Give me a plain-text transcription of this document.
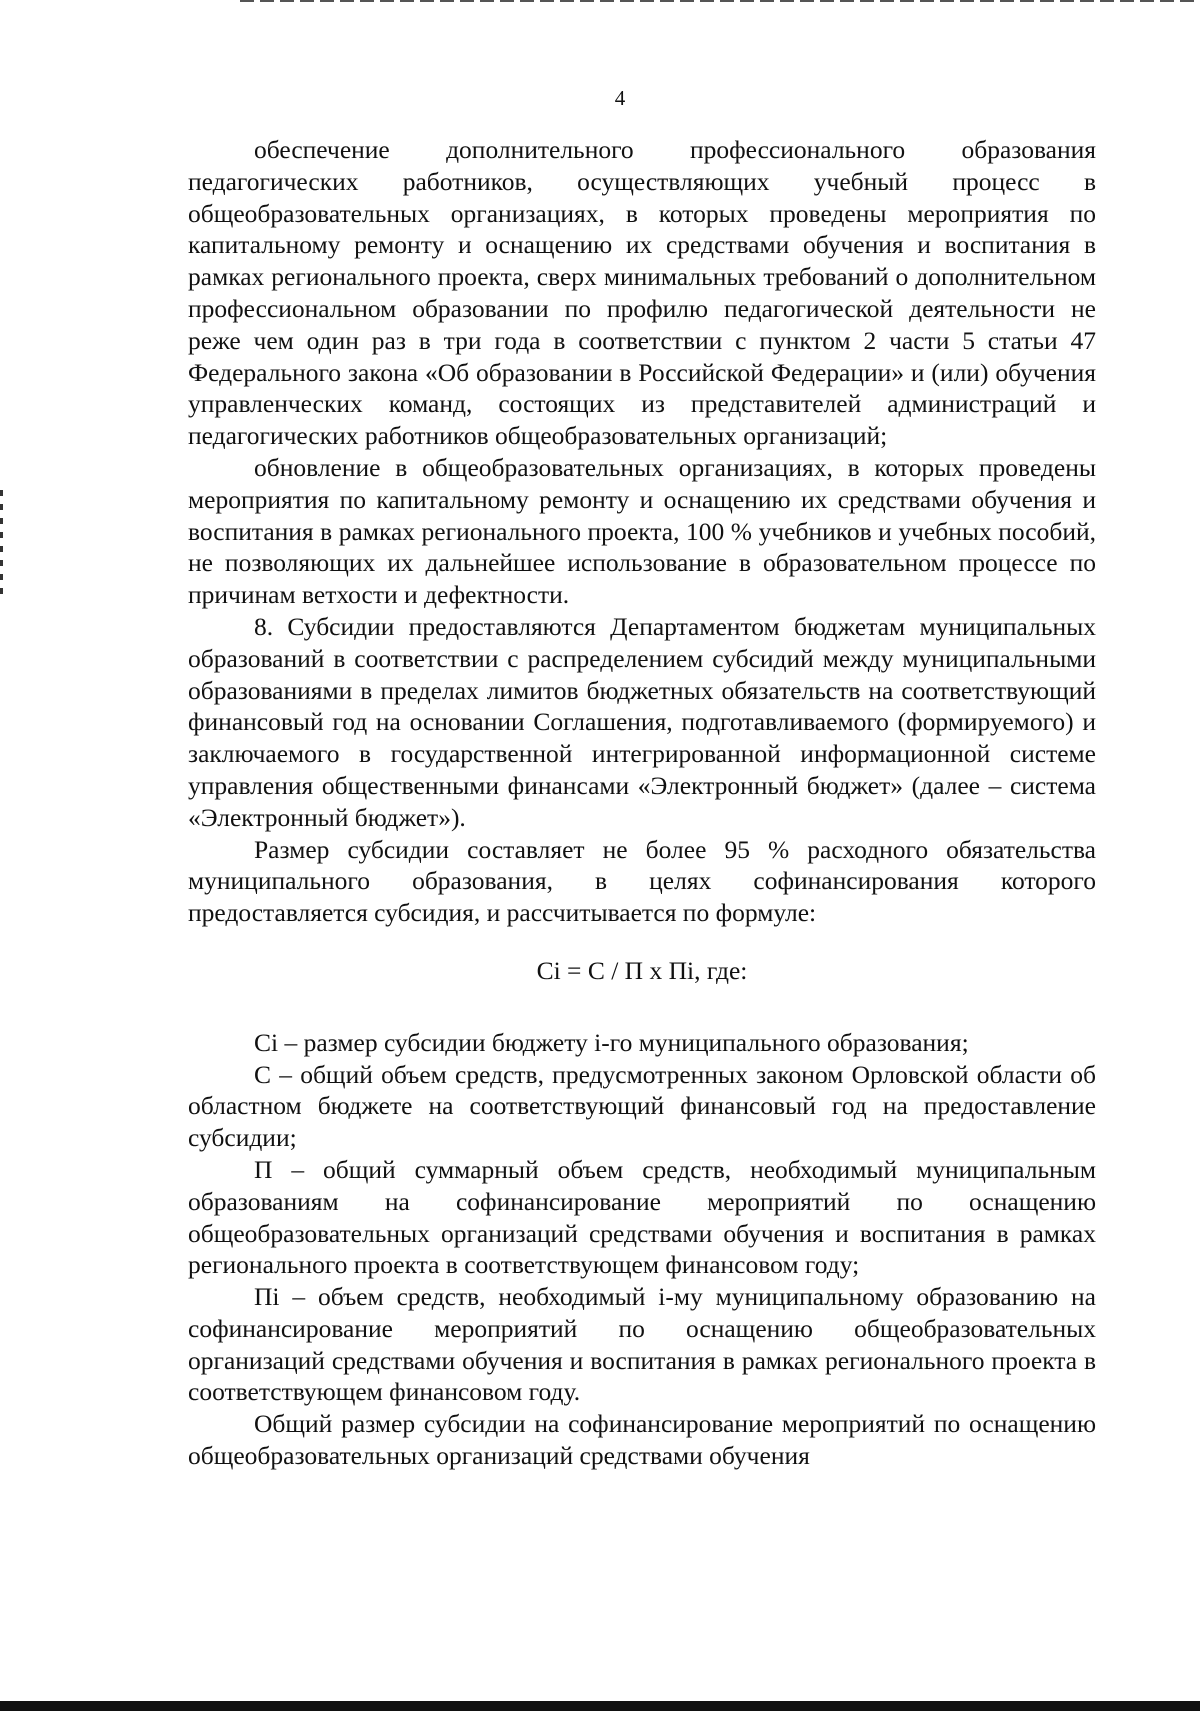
4

обеспечение дополнительного профессионального образования педагогических работников, осуществляющих учебный процесс в общеобразовательных организациях, в которых проведены мероприятия по капитальному ремонту и оснащению их средствами обучения и воспитания в рамках регионального проекта, сверх минимальных требований о дополнительном профессиональном образовании по профилю педагогической деятельности не реже чем один раз в три года в соответствии с пунктом 2 части 5 статьи 47 Федерального закона «Об образовании в Российской Федерации» и (или) обучения управленческих команд, состоящих из представителей администраций и педагогических работников общеобразовательных организаций;

обновление в общеобразовательных организациях, в которых проведены мероприятия по капитальному ремонту и оснащению их средствами обучения и воспитания в рамках регионального проекта, 100 % учебников и учебных пособий, не позволяющих их дальнейшее использование в образовательном процессе по причинам ветхости и дефектности.

8. Субсидии предоставляются Департаментом бюджетам муниципальных образований в соответствии с распределением субсидий между муниципальными образованиями в пределах лимитов бюджетных обязательств на соответствующий финансовый год на основании Соглашения, подготавливаемого (формируемого) и заключаемого в государственной интегрированной информационной системе управления общественными финансами «Электронный бюджет» (далее – система «Электронный бюджет»).

Размер субсидии составляет не более 95 % расходного обязательства муниципального образования, в целях софинансирования которого предоставляется субсидия, и рассчитывается по формуле:

Ci = C / П х Пi, где:

Ci – размер субсидии бюджету i-го муниципального образования;

C – общий объем средств, предусмотренных законом Орловской области об областном бюджете на соответствующий финансовый год на предоставление субсидии;

П – общий суммарный объем средств, необходимый муниципальным образованиям на софинансирование мероприятий по оснащению общеобразовательных организаций средствами обучения и воспитания в рамках регионального проекта в соответствующем финансовом году;

Пi – объем средств, необходимый i-му муниципальному образованию на софинансирование мероприятий по оснащению общеобразовательных организаций средствами обучения и воспитания в рамках регионального проекта в соответствующем финансовом году.

Общий размер субсидии на софинансирование мероприятий по оснащению общеобразовательных организаций средствами обучения
